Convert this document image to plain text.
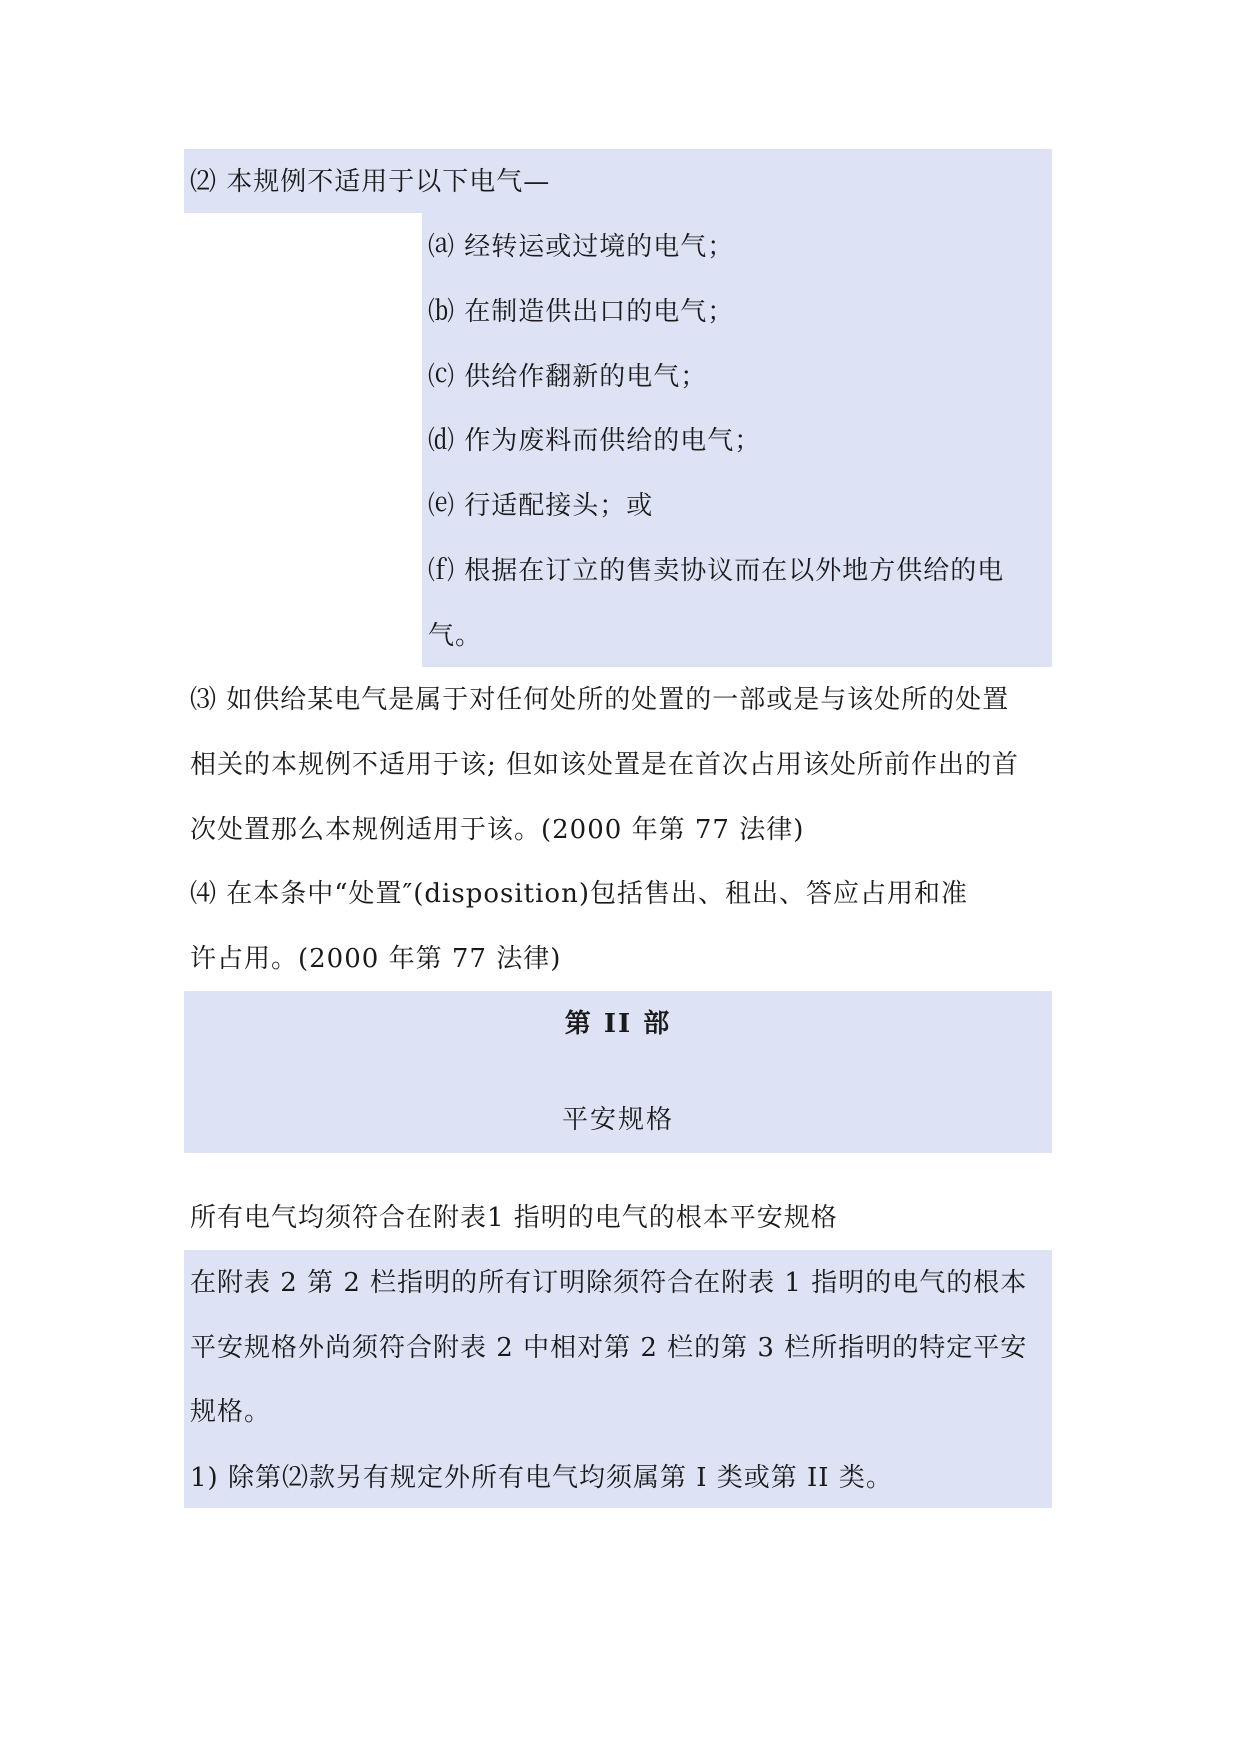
⑵ 本规例不适用于以下电气—
⒜ 经转运或过境的电气；
⒝ 在制造供出口的电气；
⒞ 供给作翻新的电气；
⒟ 作为废料而供给的电气；
⒠ 行适配接头；或
⒡ 根据在订立的售卖协议而在以外地方供给的电
气。
⑶ 如供给某电气是属于对任何处所的处置的一部或是与该处所的处置
相关的本规例不适用于该; 但如该处置是在首次占用该处所前作出的首
次处置那么本规例适用于该。(2000 年第 77 法律)
⑷ 在本条中“处置″(disposition)包括售出、租出、答应占用和准
许占用。(2000 年第 77 法律)
第 II 部
平安规格
所有电气均须符合在附表1 指明的电气的根本平安规格
在附表 2 第 2 栏指明的所有订明除须符合在附表 1 指明的电气的根本
平安规格外尚须符合附表 2 中相对第 2 栏的第 3 栏所指明的特定平安
规格。
1) 除第⑵款另有规定外所有电气均须属第 I 类或第 II 类。
